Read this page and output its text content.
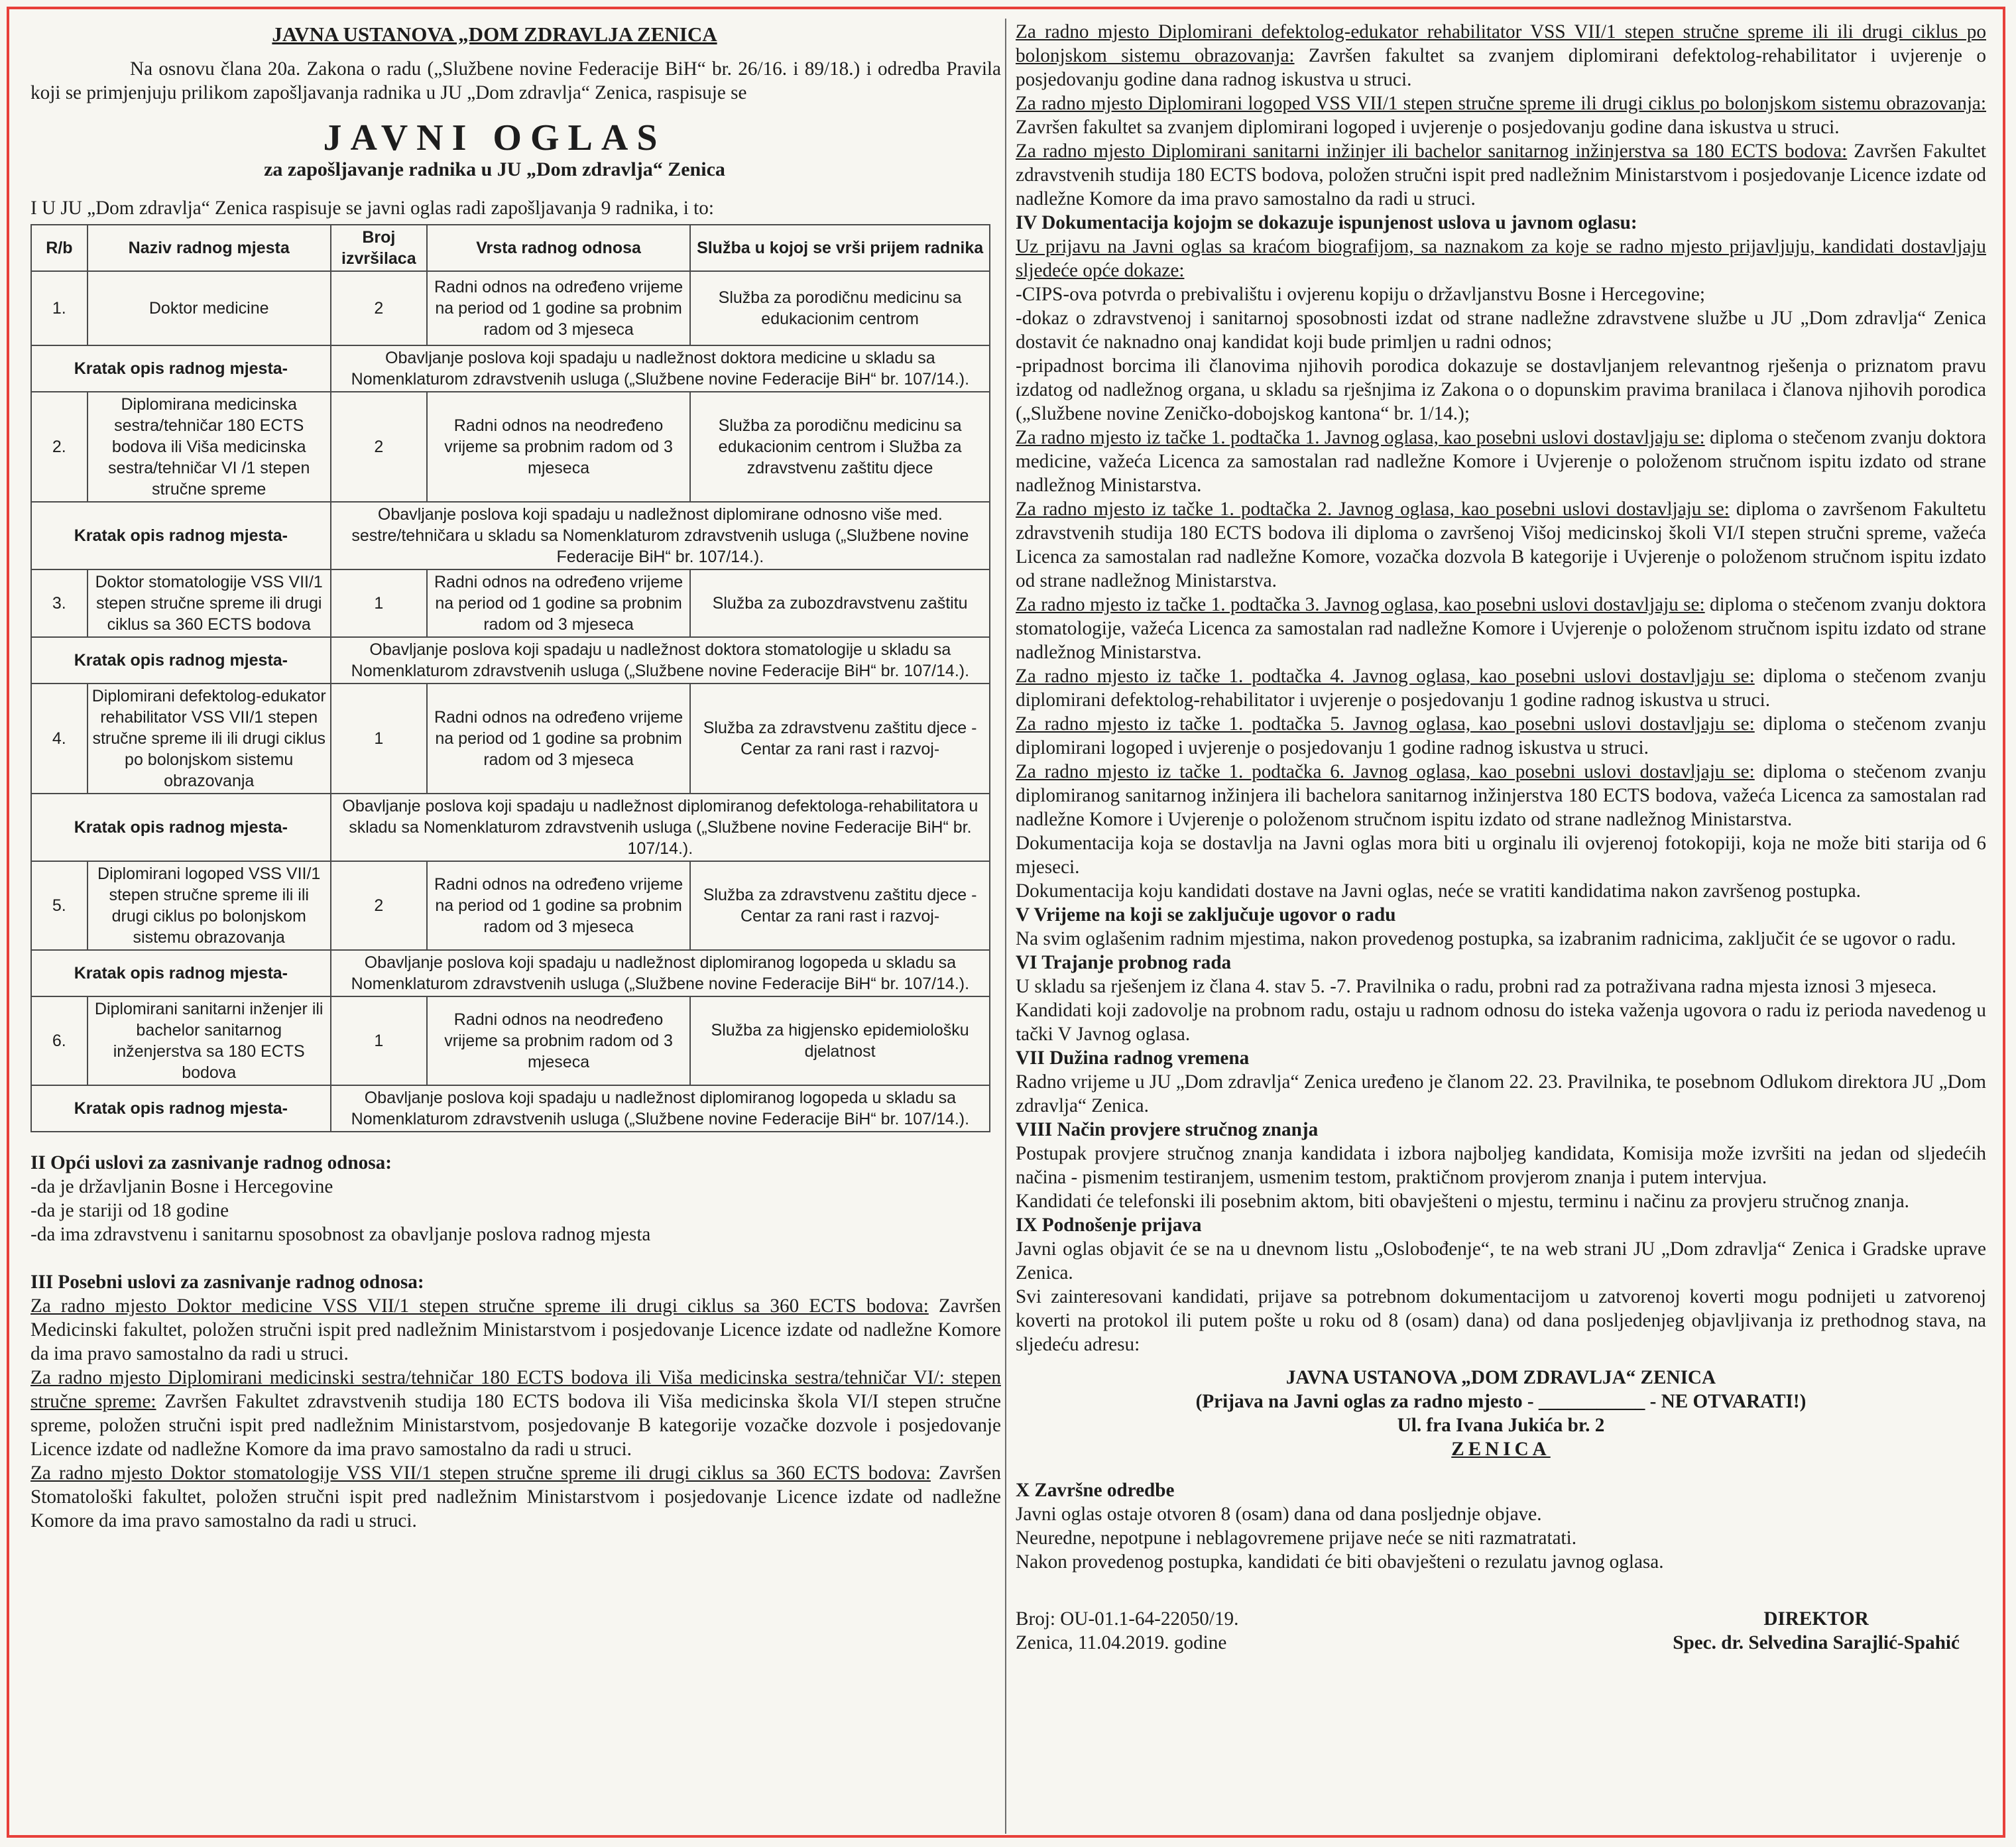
JAVNA USTANOVA „DOM ZDRAVLJA ZENICA

Na osnovu člana 20a. Zakona o radu („Službene novine Federacije BiH“ br. 26/16. i 89/18.) i odredba Pravila koji se primjenjuju prilikom zapošljavanja radnika u JU „Dom zdravlja“ Zenica, raspisuje se

JAVNI OGLAS
za zapošljavanje radnika u JU „Dom zdravlja“ Zenica

I U JU „Dom zdravlja“ Zenica raspisuje se javni oglas radi zapošljavanja 9 radnika, i to:

R/b	Naziv radnog mjesta	Broj izvršilaca	Vrsta radnog odnosa	Služba u kojoj se vrši prijem radnika
1.	Doktor medicine	2	Radni odnos na određeno vrijeme na period od 1 godine sa probnim radom od 3 mjeseca	Služba za porodičnu medicinu sa edukacionim centrom
Kratak opis radnog mjesta-		Obavljanje poslova koji spadaju u nadležnost doktora medicine u skladu sa Nomenklaturom zdravstvenih usluga („Službene novine Federacije BiH“ br. 107/14.).		
2.	Diplomirana medicinska sestra/tehničar 180 ECTS bodova ili Viša medicinska sestra/tehničar VI /1 stepen stručne spreme	2	Radni odnos na neodređeno vrijeme sa probnim radom od 3 mjeseca	Služba za porodičnu medicinu sa edukacionim centrom i Služba za zdravstvenu zaštitu djece
Kratak opis radnog mjesta-		Obavljanje poslova koji spadaju u nadležnost diplomirane odnosno više med. sestre/tehničara u skladu sa Nomenklaturom zdravstvenih usluga („Službene novine Federacije BiH“ br. 107/14.).		
3.	Doktor stomatologije VSS VII/1 stepen stručne spreme ili drugi ciklus sa 360 ECTS bodova	1	Radni odnos na određeno vrijeme na period od 1 godine sa probnim radom od 3 mjeseca	Služba za zubozdravstvenu zaštitu
Kratak opis radnog mjesta-		Obavljanje poslova koji spadaju u nadležnost doktora stomatologije u skladu sa Nomenklaturom zdravstvenih usluga („Službene novine Federacije BiH“ br. 107/14.).		
4.	Diplomirani defektolog-edukator rehabilitator VSS VII/1 stepen stručne spreme ili ili drugi ciklus po bolonjskom sistemu obrazovanja	1	Radni odnos na određeno vrijeme na period od 1 godine sa probnim radom od 3 mjeseca	Služba za zdravstvenu zaštitu djece -Centar za rani rast i razvoj-
Kratak opis radnog mjesta-		Obavljanje poslova koji spadaju u nadležnost diplomiranog defektologa-rehabilitatora u skladu sa Nomenklaturom zdravstvenih usluga („Službene novine Federacije BiH“ br. 107/14.).		
5.	Diplomirani logoped VSS VII/1 stepen stručne spreme ili ili drugi ciklus po bolonjskom sistemu obrazovanja	2	Radni odnos na određeno vrijeme na period od 1 godine sa probnim radom od 3 mjeseca	Služba za zdravstvenu zaštitu djece -Centar za rani rast i razvoj-
Kratak opis radnog mjesta-		Obavljanje poslova koji spadaju u nadležnost diplomiranog logopeda u skladu sa Nomenklaturom zdravstvenih usluga („Službene novine Federacije BiH“ br. 107/14.).		
6.	Diplomirani sanitarni inženjer ili bachelor sanitarnog inženjerstva sa 180 ECTS bodova	1	Radni odnos na neodređeno vrijeme sa probnim radom od 3 mjeseca	Služba za higjensko epidemiološku djelatnost
Kratak opis radnog mjesta-		Obavljanje poslova koji spadaju u nadležnost diplomiranog logopeda u skladu sa Nomenklaturom zdravstvenih usluga („Službene novine Federacije BiH“ br. 107/14.).		

II Opći uslovi za zasnivanje radnog odnosa:

-da je državljanin Bosne i Hercegovine

-da je stariji od 18 godine

-da ima zdravstvenu i sanitarnu sposobnost za obavljanje poslova radnog mjesta

III Posebni uslovi za zasnivanje radnog odnosa:

Za radno mjesto Doktor medicine VSS VII/1 stepen stručne spreme ili drugi ciklus sa 360 ECTS bodova: Završen Medicinski fakultet, položen stručni ispit pred nadležnim Ministarstvom i posjedovanje Licence izdate od nadležne Komore da ima pravo samostalno da radi u struci.

Za radno mjesto Diplomirani medicinski sestra/tehničar 180 ECTS bodova ili Viša medicinska sestra/tehničar VI/: stepen stručne spreme: Završen Fakultet zdravstvenih studija 180 ECTS bodova ili Viša medicinska škola VI/I stepen stručne spreme, položen stručni ispit pred nadležnim Ministarstvom, posjedovanje B kategorije vozačke dozvole i posjedovanje Licence izdate od nadležne Komore da ima pravo samostalno da radi u struci.

Za radno mjesto Doktor stomatologije VSS VII/1 stepen stručne spreme ili drugi ciklus sa 360 ECTS bodova: Završen Stomatološki fakultet, položen stručni ispit pred nadležnim Ministarstvom i posjedovanje Licence izdate od nadležne Komore da ima pravo samostalno da radi u struci.

Za radno mjesto Diplomirani defektolog-edukator rehabilitator VSS VII/1 stepen stručne spreme ili ili drugi ciklus po bolonjskom sistemu obrazovanja: Završen fakultet sa zvanjem diplomirani defektolog-rehabilitator i uvjerenje o posjedovanju godine dana radnog iskustva u struci.

Za radno mjesto Diplomirani logoped VSS VII/1 stepen stručne spreme ili drugi ciklus po bolonjskom sistemu obrazovanja: Završen fakultet sa zvanjem diplomirani logoped i uvjerenje o posjedovanju godine dana iskustva u struci.

Za radno mjesto Diplomirani sanitarni inžinjer ili bachelor sanitarnog inžinjerstva sa 180 ECTS bodova: Završen Fakultet zdravstvenih studija 180 ECTS bodova, položen stručni ispit pred nadležnim Ministarstvom i posjedovanje Licence izdate od nadležne Komore da ima pravo samostalno da radi u struci.

IV Dokumentacija kojojm se dokazuje ispunjenost uslova u javnom oglasu:

Uz prijavu na Javni oglas sa kraćom biografijom, sa naznakom za koje se radno mjesto prijavljuju, kandidati dostavljaju sljedeće opće dokaze:

-CIPS-ova potvrda o prebivalištu i ovjerenu kopiju o državljanstvu Bosne i Hercegovine;

-dokaz o zdravstvenoj i sanitarnoj sposobnosti izdat od strane nadležne zdravstvene službe u JU „Dom zdravlja“ Zenica dostavit će naknadno onaj kandidat koji bude primljen u radni odnos;

-pripadnost borcima ili članovima njihovih porodica dokazuje se dostavljanjem relevantnog rješenja o priznatom pravu izdatog od nadležnog organa, u skladu sa rješnjima iz Zakona o o dopunskim pravima branilaca i članova njihovih porodica („Službene novine Zeničko-dobojskog kantona“ br. 1/14.);

Za radno mjesto iz tačke 1. podtačka 1. Javnog oglasa, kao posebni uslovi dostavljaju se: diploma o stečenom zvanju doktora medicine, važeća Licenca za samostalan rad nadležne Komore i Uvjerenje o položenom stručnom ispitu izdato od strane nadležnog Ministarstva.

Za radno mjesto iz tačke 1. podtačka 2. Javnog oglasa, kao posebni uslovi dostavljaju se: diploma o završenom Fakultetu zdravstvenih studija 180 ECTS bodova ili diploma o završenoj Višoj medicinskoj školi VI/I stepen stručni spreme, važeća Licenca za samostalan rad nadležne Komore, vozačka dozvola B kategorije i Uvjerenje o položenom stručnom ispitu izdato od strane nadležnog Ministarstva.

Za radno mjesto iz tačke 1. podtačka 3. Javnog oglasa, kao posebni uslovi dostavljaju se: diploma o stečenom zvanju doktora stomatologije, važeća Licenca za samostalan rad nadležne Komore i Uvjerenje o položenom stručnom ispitu izdato od strane nadležnog Ministarstva.

Za radno mjesto iz tačke 1. podtačka 4. Javnog oglasa, kao posebni uslovi dostavljaju se: diploma o stečenom zvanju diplomirani defektolog-rehabilitator i uvjerenje o posjedovanju 1 godine radnog iskustva u struci.

Za radno mjesto iz tačke 1. podtačka 5. Javnog oglasa, kao posebni uslovi dostavljaju se: diploma o stečenom zvanju diplomirani logoped i uvjerenje o posjedovanju 1 godine radnog iskustva u struci.

Za radno mjesto iz tačke 1. podtačka 6. Javnog oglasa, kao posebni uslovi dostavljaju se: diploma o stečenom zvanju diplomiranog sanitarnog inžinjera ili bachelora sanitarnog inžinjerstva 180 ECTS bodova, važeća Licenca za samostalan rad nadležne Komore i Uvjerenje o položenom stručnom ispitu izdato od strane nadležnog Ministarstva.

Dokumentacija koja se dostavlja na Javni oglas mora biti u orginalu ili ovjerenoj fotokopiji, koja ne može biti starija od 6 mjeseci.

Dokumentacija koju kandidati dostave na Javni oglas, neće se vratiti kandidatima nakon završenog postupka.

V Vrijeme na koji se zaključuje ugovor o radu

Na svim oglašenim radnim mjestima, nakon provedenog postupka, sa izabranim radnicima, zaključit će se ugovor o radu.

VI Trajanje probnog rada

U skladu sa rješenjem iz člana 4. stav 5. -7. Pravilnika o radu, probni rad za potraživana radna mjesta iznosi 3 mjeseca.

Kandidati koji zadovolje na probnom radu, ostaju u radnom odnosu do isteka važenja ugovora o radu iz perioda navedenog u tački V Javnog oglasa.

VII Dužina radnog vremena

Radno vrijeme u JU „Dom zdravlja“ Zenica uređeno je članom 22. 23. Pravilnika, te posebnom Odlukom direktora JU „Dom zdravlja“ Zenica.

VIII Način provjere stručnog znanja

Postupak provjere stručnog znanja kandidata i izbora najboljeg kandidata, Komisija može izvršiti na jedan od sljedećih načina - pismenim testiranjem, usmenim testom, praktičnom provjerom znanja i putem intervjua.

Kandidati će telefonski ili posebnim aktom, biti obavješteni o mjestu, terminu i načinu za provjeru stručnog znanja.

IX Podnošenje prijava

Javni oglas objavit će se na u dnevnom listu „Oslobođenje“, te na web strani JU „Dom zdravlja“ Zenica i Gradske uprave Zenica.

Svi zainteresovani kandidati, prijave sa potrebnom dokumentacijom u zatvorenoj koverti mogu podnijeti u zatvorenoj koverti na protokol ili putem pošte u roku od 8 (osam) dana) od dana posljedenjeg objavljivanja iz prethodnog stava, na sljedeću adresu:

JAVNA USTANOVA „DOM ZDRAVLJA“ ZENICA
(Prijava na Javni oglas za radno mjesto - ___________ - NE OTVARATI!)
Ul. fra Ivana Jukića br. 2
ZENICA

X Završne odredbe

Javni oglas ostaje otvoren 8 (osam) dana od dana posljednje objave.

Neuredne, nepotpune i neblagovremene prijave neće se niti razmatratati.

Nakon provedenog postupka, kandidati će biti obavješteni o rezulatu javnog oglasa.

Broj: OU-01.1-64-22050/19.
Zenica, 11.04.2019. godine
DIREKTOR
Spec. dr. Selvedina Sarajlić-Spahić
